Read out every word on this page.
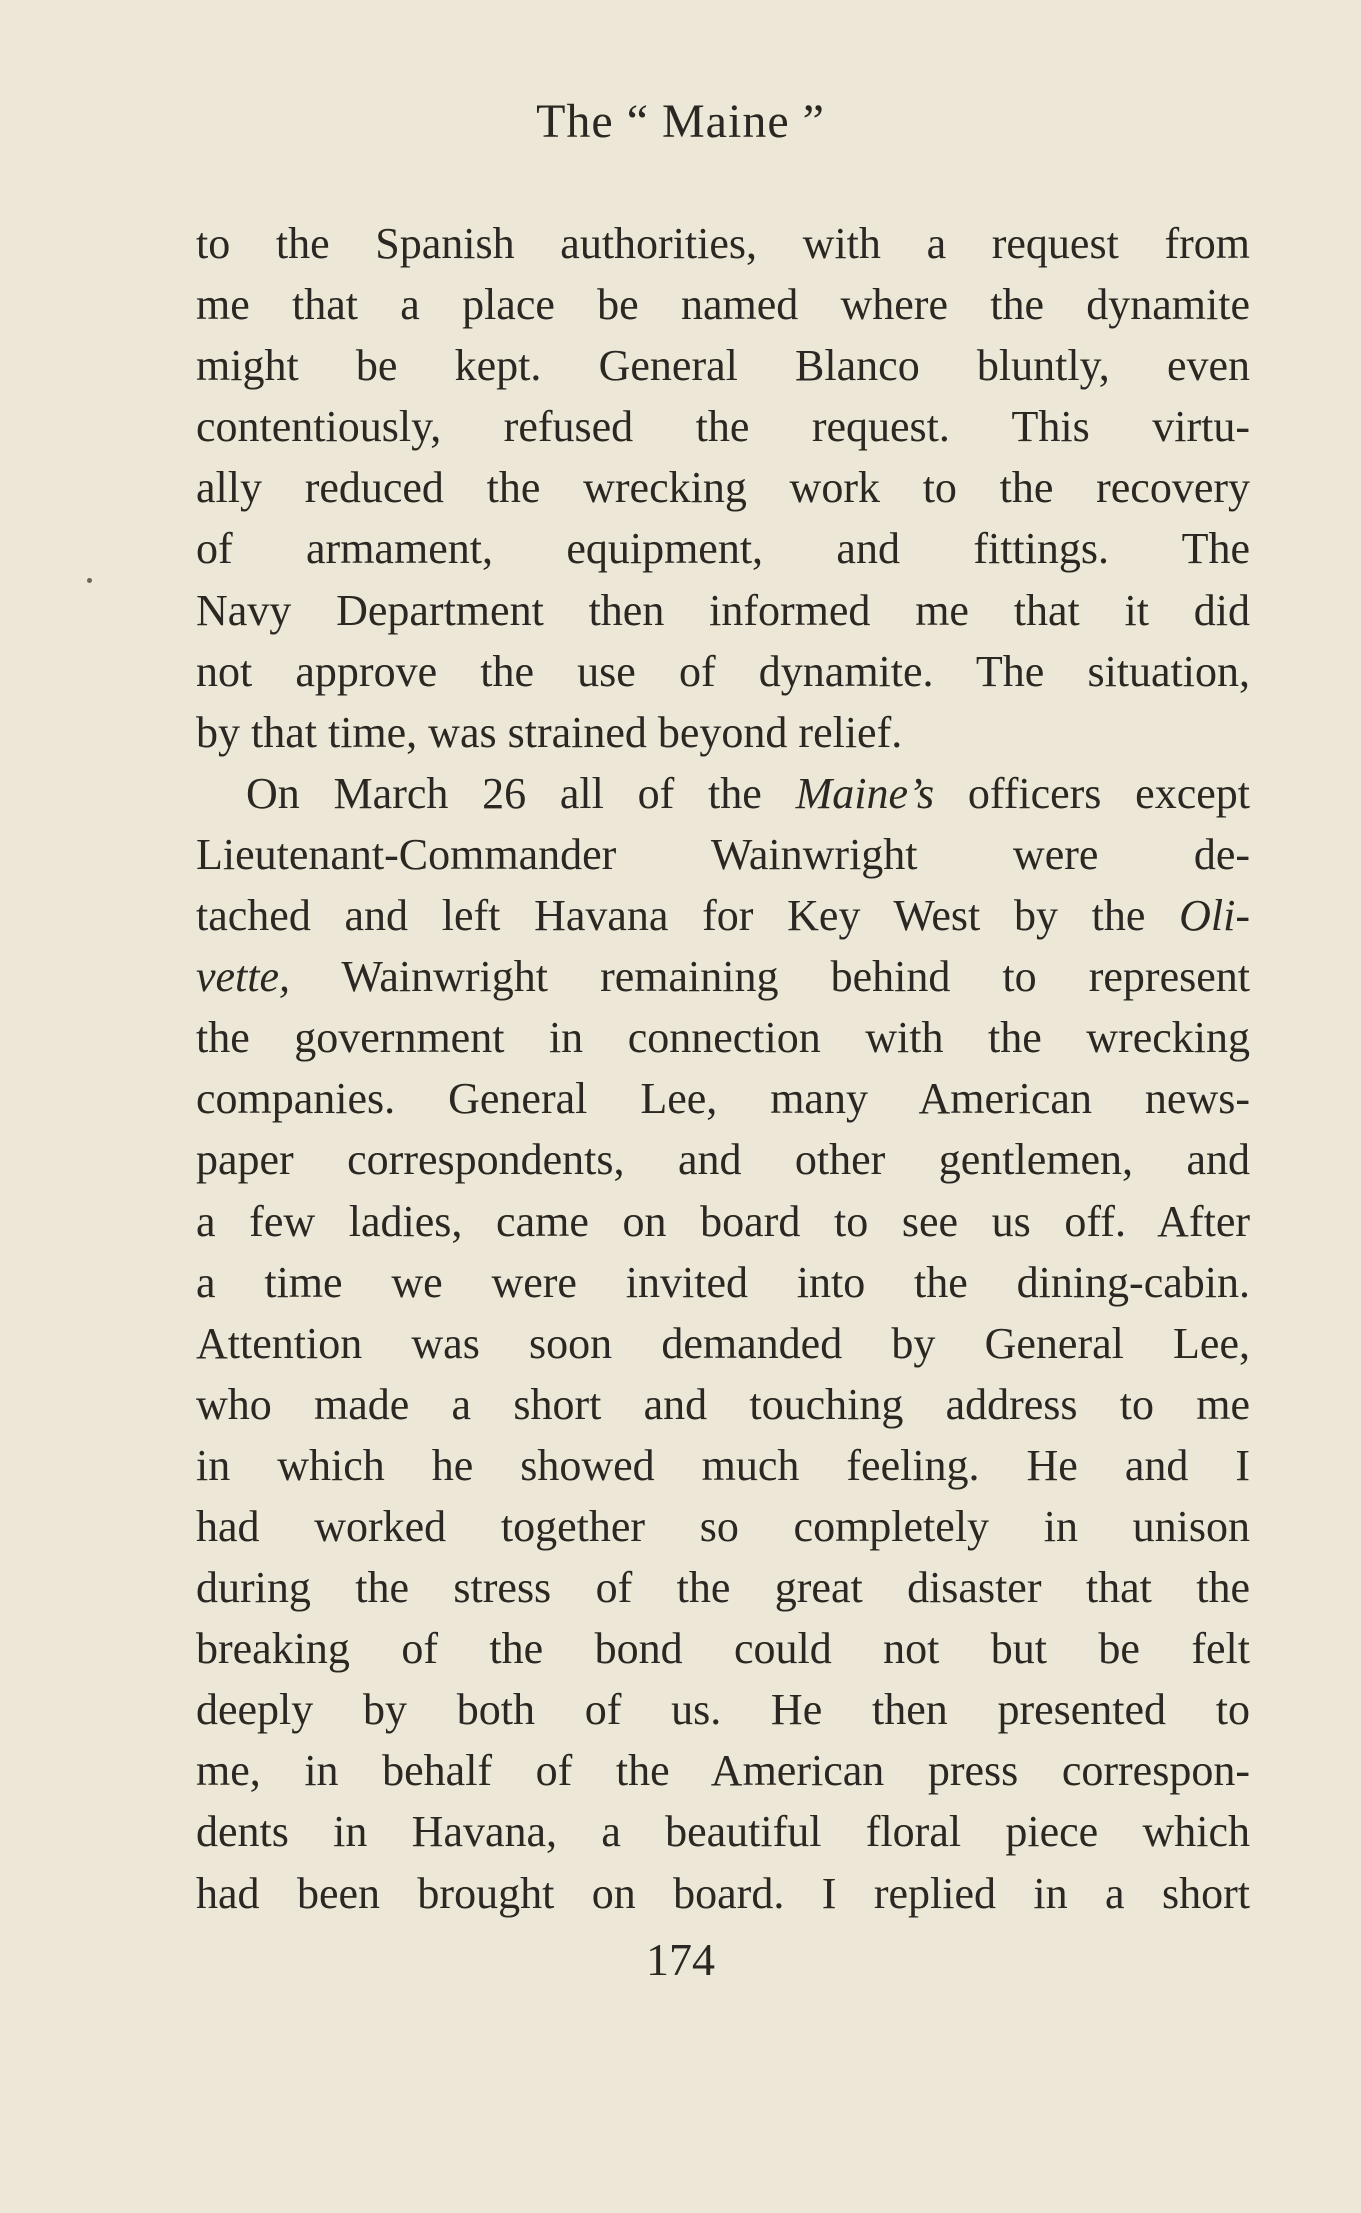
The “ Maine ”
to the Spanish authorities, with a request from
me that a place be named where the dynamite
might be kept. General Blanco bluntly, even
contentiously, refused the request. This virtu-
ally reduced the wrecking work to the recovery
of armament, equipment, and fittings. The
Navy Department then informed me that it did
not approve the use of dynamite. The situation,
by that time, was strained beyond relief.
On March 26 all of the Maine’s officers except
Lieutenant-Commander Wainwright were de-
tached and left Havana for Key West by the Oli-
vette, Wainwright remaining behind to represent
the government in connection with the wrecking
companies. General Lee, many American news-
paper correspondents, and other gentlemen, and
a few ladies, came on board to see us off. After
a time we were invited into the dining-cabin.
Attention was soon demanded by General Lee,
who made a short and touching address to me
in which he showed much feeling. He and I
had worked together so completely in unison
during the stress of the great disaster that the
breaking of the bond could not but be felt
deeply by both of us. He then presented to
me, in behalf of the American press correspon-
dents in Havana, a beautiful floral piece which
had been brought on board. I replied in a short
174
